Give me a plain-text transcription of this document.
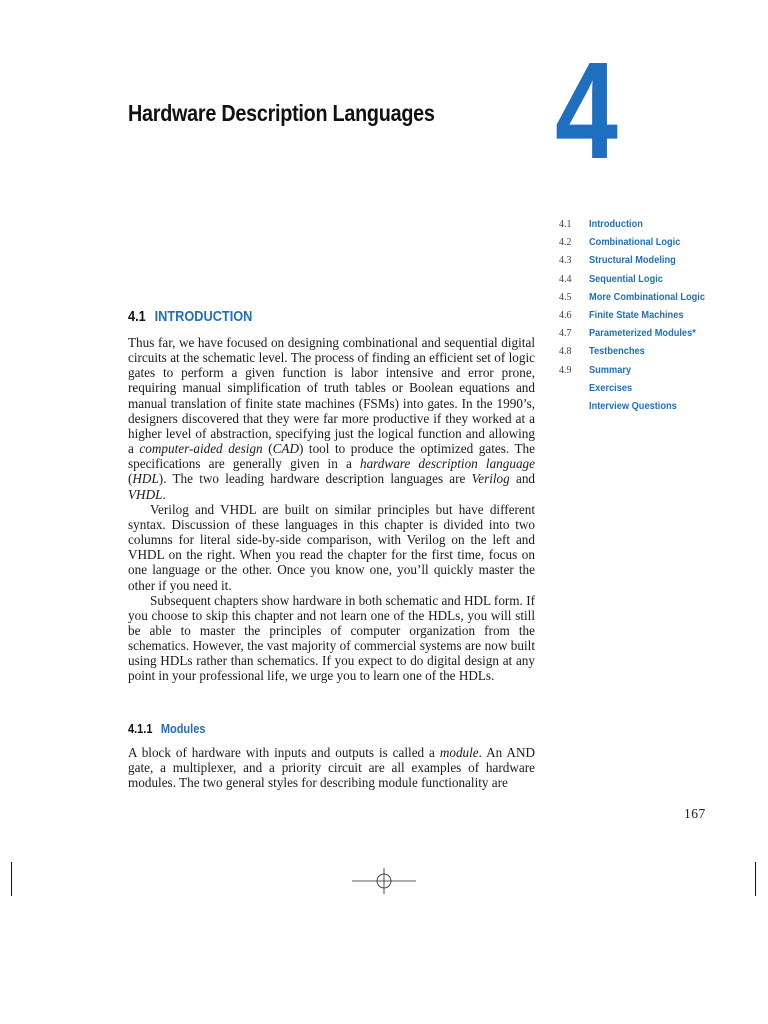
Hardware Description Languages 4
4.1 Introduction
4.2 Combinational Logic
4.3 Structural Modeling
4.4 Sequential Logic
4.5 More Combinational Logic
4.6 Finite State Machines
4.7 Parameterized Modules*
4.8 Testbenches
4.9 Summary
Exercises
Interview Questions
4.1 INTRODUCTION

Thus far, we have focused on designing combinational and sequential digital circuits at the schematic level. The process of finding an efficient set of logic gates to perform a given function is labor intensive and error prone, requiring manual simplification of truth tables or Boolean equations and manual translation of finite state machines (FSMs) into gates. In the 1990’s, designers discovered that they were far more productive if they worked at a higher level of abstraction, specifying just the logical function and allowing a computer-aided design (CAD) tool to produce the optimized gates. The specifications are generally given in a hardware description language (HDL). The two leading hardware description languages are Verilog and VHDL.

Verilog and VHDL are built on similar principles but have different syntax. Discussion of these languages in this chapter is divided into two columns for literal side-by-side comparison, with Verilog on the left and VHDL on the right. When you read the chapter for the first time, focus on one language or the other. Once you know one, you’ll quickly master the other if you need it.

Subsequent chapters show hardware in both schematic and HDL form. If you choose to skip this chapter and not learn one of the HDLs, you will still be able to master the principles of computer organization from the schematics. However, the vast majority of commercial systems are now built using HDLs rather than schematics. If you expect to do digital design at any point in your professional life, we urge you to learn one of the HDLs.

4.1.1 Modules

A block of hardware with inputs and outputs is called a module. An AND gate, a multiplexer, and a priority circuit are all examples of hardware modules. The two general styles for describing module functionality are

167
